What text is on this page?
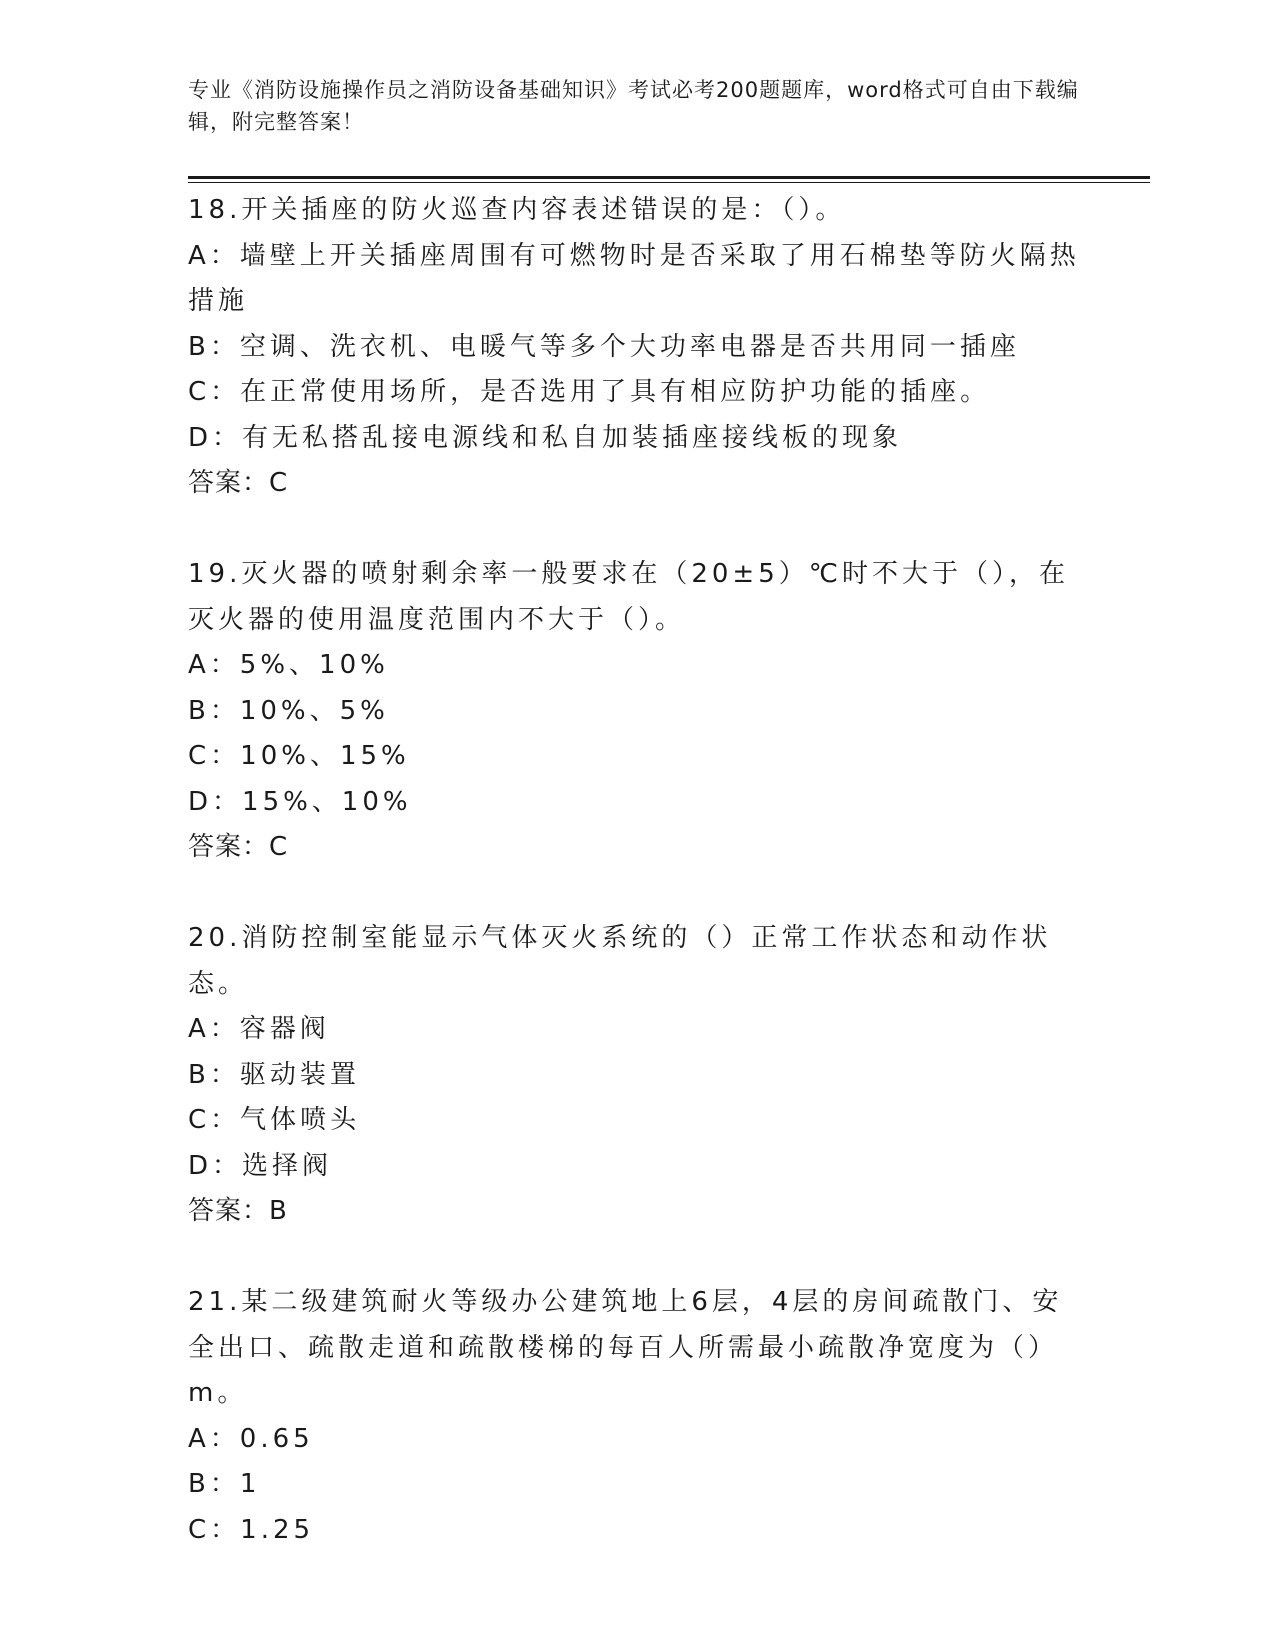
专业《消防设施操作员之消防设备基础知识》考试必考200题题库，word格式可自由下载编辑，附完整答案！
18.开关插座的防火巡查内容表述错误的是：（）。
A：墙壁上开关插座周围有可燃物时是否采取了用石棉垫等防火隔热措施
B：空调、洗衣机、电暖气等多个大功率电器是否共用同一插座
C：在正常使用场所，是否选用了具有相应防护功能的插座。
D：有无私搭乱接电源线和私自加装插座接线板的现象
答案：C
19.灭火器的喷射剩余率一般要求在（20±5）℃时不大于（），在灭火器的使用温度范围内不大于（）。
A：5%、10%
B：10%、5%
C：10%、15%
D：15%、10%
答案：C
20.消防控制室能显示气体灭火系统的（）正常工作状态和动作状态。
A：容器阀
B：驱动装置
C：气体喷头
D：选择阀
答案：B
21.某二级建筑耐火等级办公建筑地上6层，4层的房间疏散门、安全出口、疏散走道和疏散楼梯的每百人所需最小疏散净宽度为（）m。
A：0.65
B：1
C：1.25
